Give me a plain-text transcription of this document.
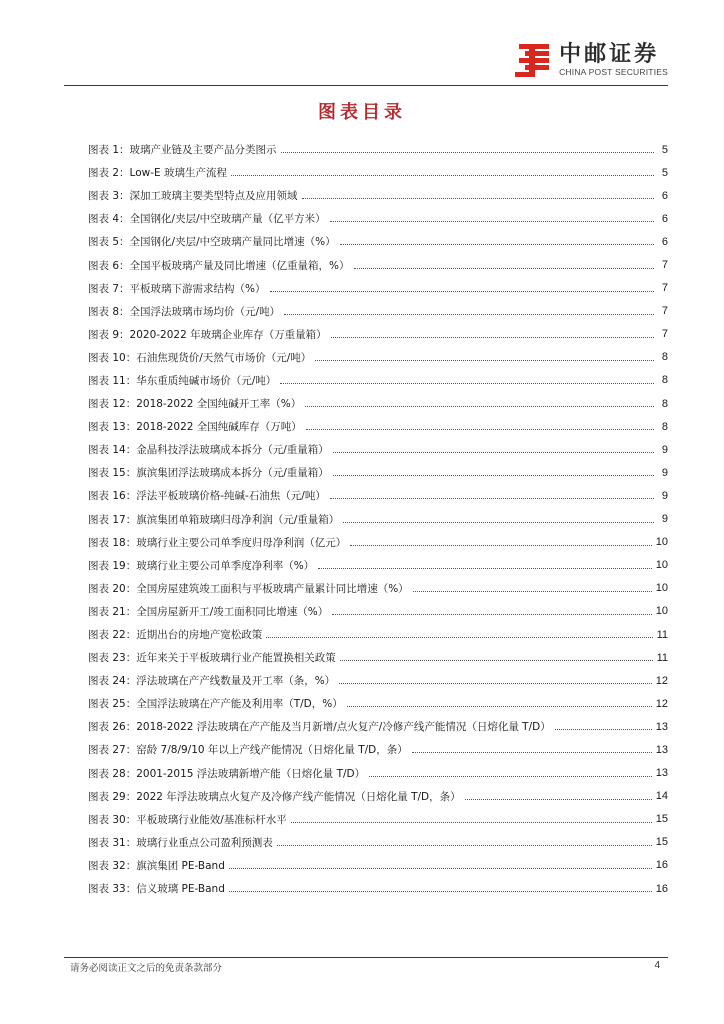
中邮证券
CHINA POST SECURITIES
图表目录
图表 1： 玻璃产业链及主要产品分类图示	5
图表 2： Low-E 玻璃生产流程	5
图表 3： 深加工玻璃主要类型特点及应用领域	6
图表 4： 全国钢化/夹层/中空玻璃产量（亿平方米）	6
图表 5： 全国钢化/夹层/中空玻璃产量同比增速（%）	6
图表 6： 全国平板玻璃产量及同比增速（亿重量箱，%）	7
图表 7： 平板玻璃下游需求结构（%）	7
图表 8： 全国浮法玻璃市场均价（元/吨）	7
图表 9： 2020-2022 年玻璃企业库存（万重量箱）	7
图表 10： 石油焦现货价/天然气市场价（元/吨）	8
图表 11： 华东重质纯碱市场价（元/吨）	8
图表 12： 2018-2022 全国纯碱开工率（%）	8
图表 13： 2018-2022 全国纯碱库存（万吨）	8
图表 14： 金晶科技浮法玻璃成本拆分（元/重量箱）	9
图表 15： 旗滨集团浮法玻璃成本拆分（元/重量箱）	9
图表 16： 浮法平板玻璃价格-纯碱-石油焦（元/吨）	9
图表 17： 旗滨集团单箱玻璃归母净利润（元/重量箱）	9
图表 18： 玻璃行业主要公司单季度归母净利润（亿元）	10
图表 19： 玻璃行业主要公司单季度净利率（%）	10
图表 20： 全国房屋建筑竣工面积与平板玻璃产量累计同比增速（%）	10
图表 21： 全国房屋新开工/竣工面积同比增速（%）	10
图表 22： 近期出台的房地产宽松政策	11
图表 23： 近年来关于平板玻璃行业产能置换相关政策	11
图表 24： 浮法玻璃在产产线数量及开工率（条，%）	12
图表 25： 全国浮法玻璃在产产能及利用率（T/D，%）	12
图表 26： 2018-2022 浮法玻璃在产产能及当月新增/点火复产/冷修产线产能情况（日熔化量 T/D）	13
图表 27： 窑龄 7/8/9/10 年以上产线产能情况（日熔化量 T/D，条）	13
图表 28： 2001-2015 浮法玻璃新增产能（日熔化量 T/D）	13
图表 29： 2022 年浮法玻璃点火复产及冷修产线产能情况（日熔化量 T/D，条）	14
图表 30： 平板玻璃行业能效/基准标杆水平	15
图表 31： 玻璃行业重点公司盈利预测表	15
图表 32： 旗滨集团 PE-Band	16
图表 33： 信义玻璃 PE-Band	16
请务必阅读正文之后的免责条款部分	4
